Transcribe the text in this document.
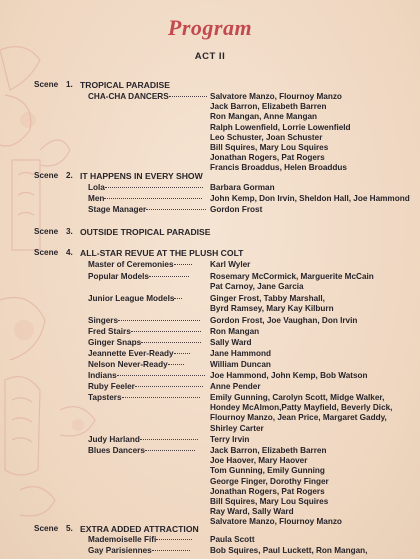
Program
ACT II
Scene 1. TROPICAL PARADISE
CHA-CHA DANCERS	Salvatore Manzo, Flournoy Manzo
Jack Barron, Elizabeth Barren
Ron Mangan, Anne Mangan
Ralph Lowenfield, Lorrie Lowenfield
Leo Schuster, Joan Schuster
Bill Squires, Mary Lou Squires
Jonathan Rogers, Pat Rogers
Francis Broaddus, Helen Broaddus
Scene 2. IT HAPPENS IN EVERY SHOW
Lola	Barbara Gorman
Men	John Kemp, Don Irvin, Sheldon Hall, Joe Hammond
Stage Manager	Gordon Frost
Scene 3. OUTSIDE TROPICAL PARADISE
Scene 4. ALL-STAR REVUE AT THE PLUSH COLT
Master of Ceremonies	Karl Wyler
Popular Models	Rosemary McCormick, Marguerite McCain
Pat Carnoy, Jane Garcia
Junior League Models	Ginger Frost, Tabby Marshall,
Byrd Ramsey, Mary Kay Kilburn
Singers	Gordon Frost, Joe Vaughan, Don Irvin
Fred Stairs	Ron Mangan
Ginger Snaps	Sally Ward
Jeannette Ever-Ready	Jane Hammond
Nelson Never-Ready	William Duncan
Indians	Joe Hammond, John Kemp, Bob Watson
Ruby Feeler	Anne Pender
Tapsters	Emily Gunning, Carolyn Scott, Midge Walker,
Hondey McAlmon,Patty Mayfield, Beverly Dick,
Flournoy Manzo, Jean Price, Margaret Gaddy,
Shirley Carter
Judy Harland	Terry Irvin
Blues Dancers	Jack Barron, Elizabeth Barren
Joe Haover, Mary Haover
Tom Gunning, Emily Gunning
George Finger, Dorothy Finger
Jonathan Rogers, Pat Rogers
Bill Squires, Mary Lou Squires
Ray Ward, Sally Ward
Salvatore Manzo, Flournoy Manzo
Scene 5. EXTRA ADDED ATTRACTION
Mademoiselle Fifi	Paula Scott
Gay Parisiennes	Bob Squires, Paul Luckett, Ron Mangan,
